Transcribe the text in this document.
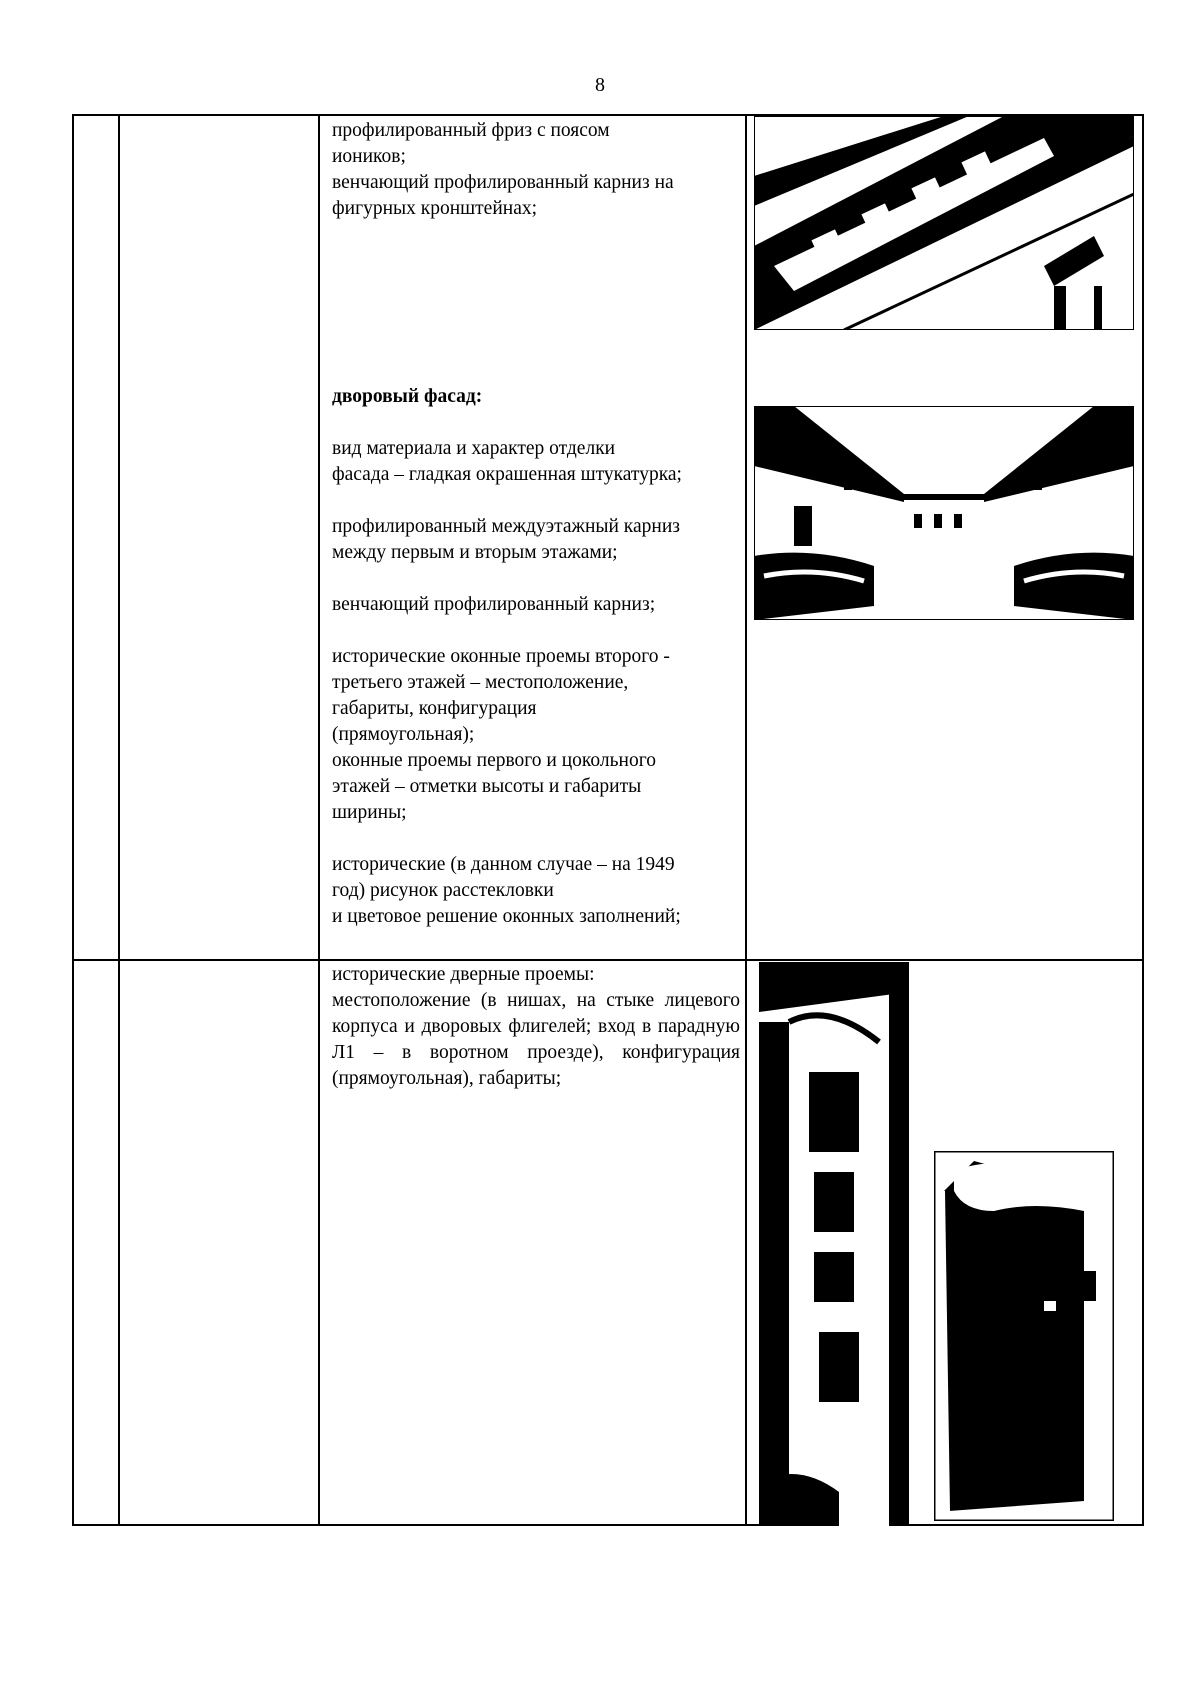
8

профилированный фриз с поясом

иоников;

венчающий профилированный карниз на

фигурных кронштейнах;

дворовый фасад:

вид материала и характер отделки

фасада – гладкая окрашенная штукатурка;

профилированный междуэтажный карниз

между первым и вторым этажами;

венчающий профилированный карниз;

исторические оконные проемы второго -

третьего этажей – местоположение,

габариты, конфигурация

(прямоугольная);

оконные проемы первого и цокольного

этажей – отметки высоты и габариты

ширины;

исторические (в данном случае – на 1949

год) рисунок расстекловки

и цветовое решение оконных заполнений;

исторические дверные проемы:

местоположение (в нишах, на стыке лицевого корпуса и дворовых флигелей; вход в парадную Л1 – в воротном проезде), конфигурация (прямоугольная), габариты;
